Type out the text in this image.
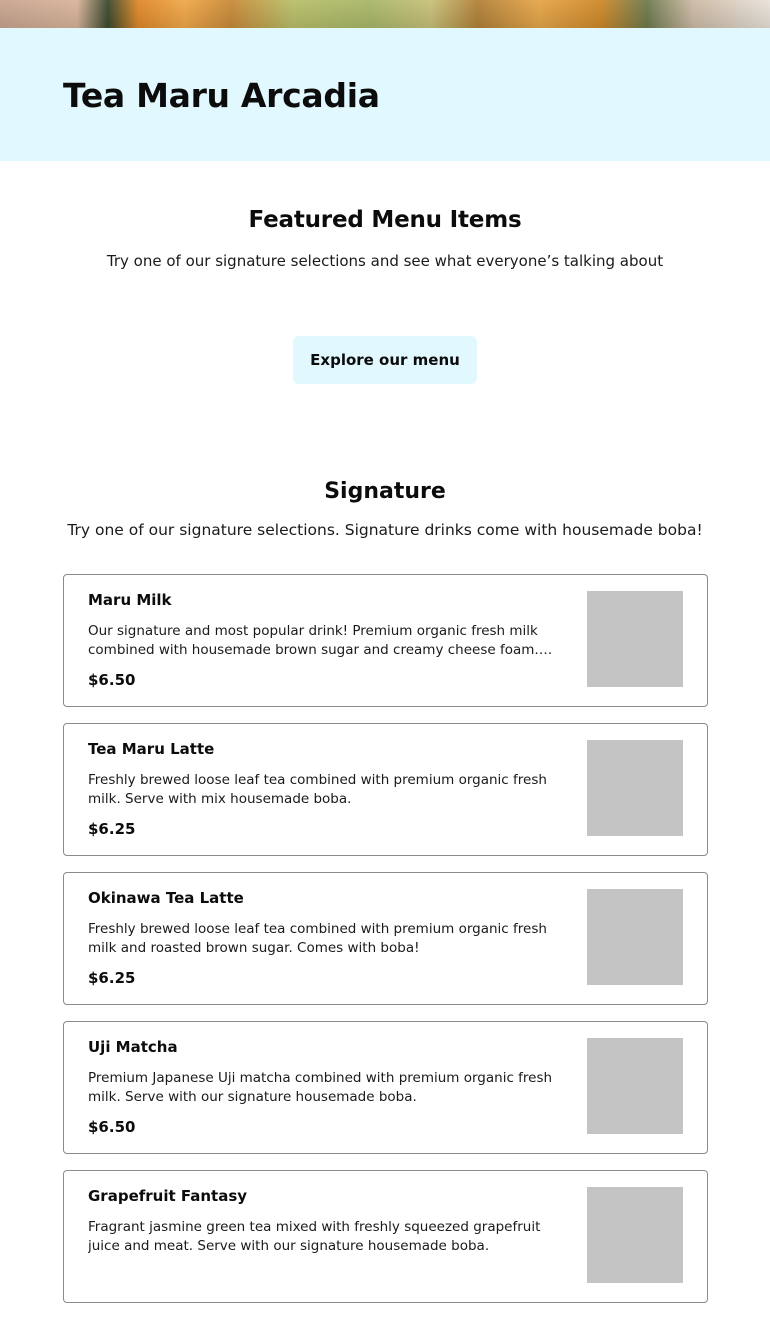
Tea Maru Arcadia
Featured Menu Items

Try one of our signature selections and see what everyone’s talking about

Explore our menu
Signature

Try one of our signature selections. Signature drinks come with housemade boba!

Maru Milk
Our signature and most popular drink! Premium organic fresh milk combined with housemade brown sugar and creamy cheese foam.
$6.50
Tea Maru Latte
Freshly brewed loose leaf tea combined with premium organic fresh milk. Serve with mix housemade boba.
$6.25
Okinawa Tea Latte
Freshly brewed loose leaf tea combined with premium organic fresh milk and roasted brown sugar. Comes with boba!
$6.25
Uji Matcha
Premium Japanese Uji matcha combined with premium organic fresh milk. Serve with our signature housemade boba.
$6.50
Grapefruit Fantasy
Fragrant jasmine green tea mixed with freshly squeezed grapefruit juice and meat. Serve with our signature housemade boba.
